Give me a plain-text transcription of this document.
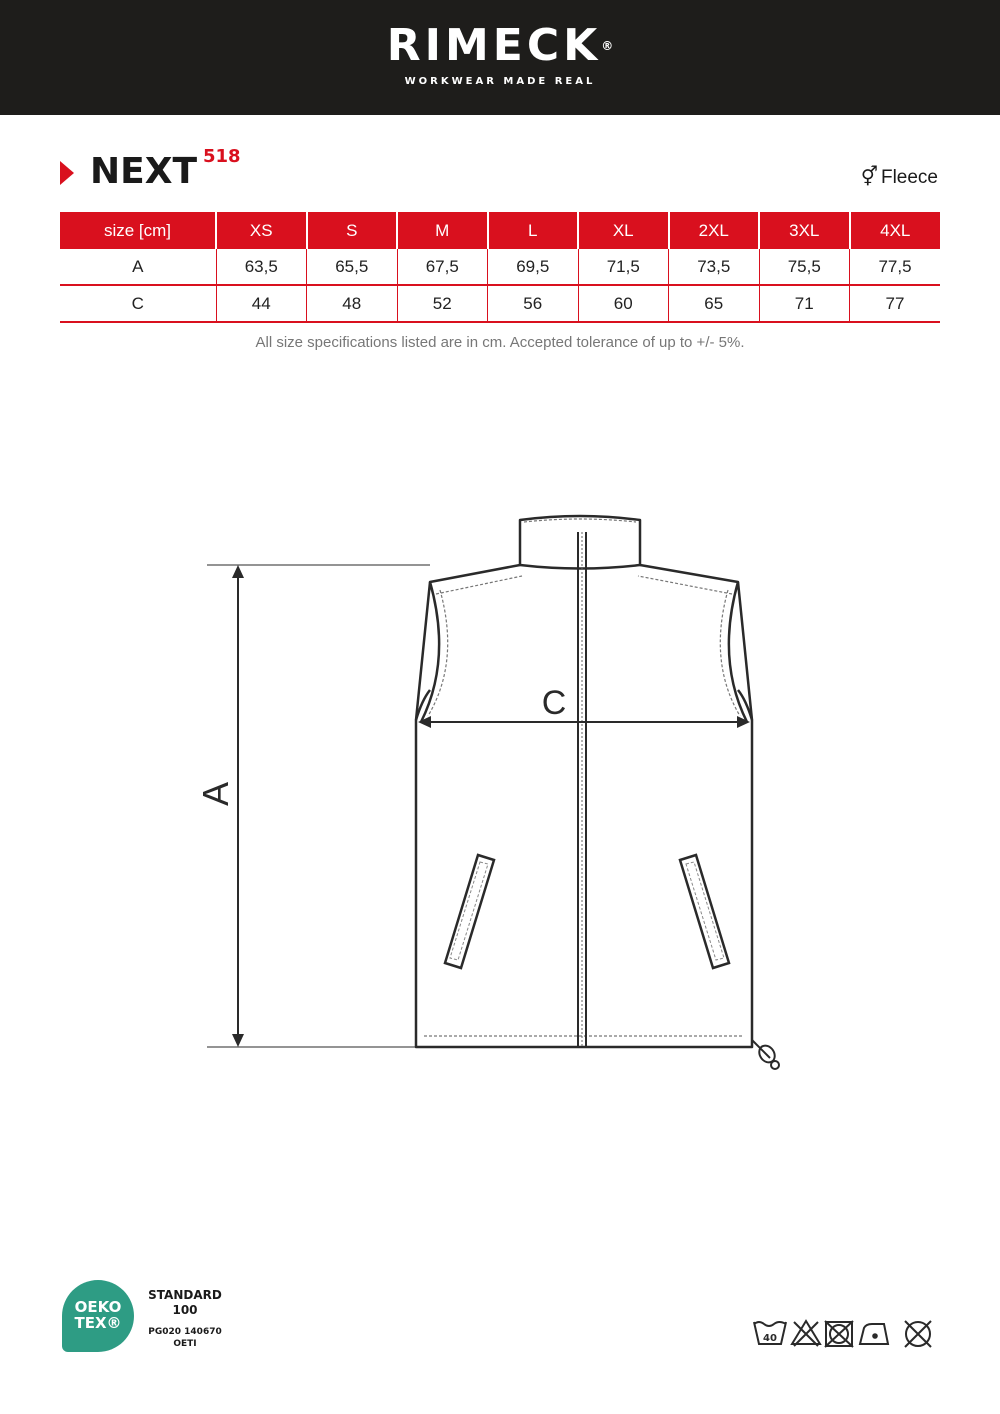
RIMECK®
WORKWEAR MADE REAL
NEXT 518
⚥ Fleece
size [cm]	XS	S	M	L	XL	2XL	3XL	4XL
A	63,5	65,5	67,5	69,5	71,5	73,5	75,5	77,5
C	44	48	52	56	60	65	71	77
All size specifications listed are in cm. Accepted tolerance of up to +/- 5%.
A
C
OEKO
TEX®
STANDARD
100
PG020 140670
OETI	40
